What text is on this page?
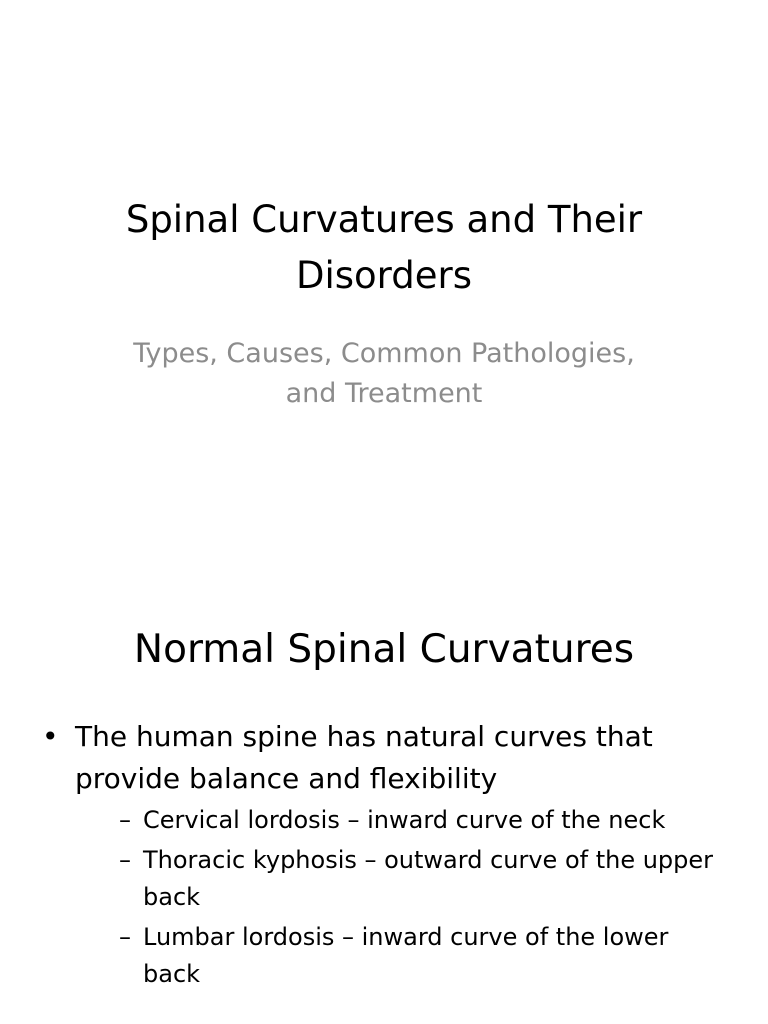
Spinal Curvatures and Their
Disorders

Types, Causes, Common Pathologies,
and Treatment

Normal Spinal Curvatures
• The human spine has natural curves that
provide balance and flexibility
– Cervical lordosis – inward curve of the neck
– Thoracic kyphosis – outward curve of the upper
back
– Lumbar lordosis – inward curve of the lower back
